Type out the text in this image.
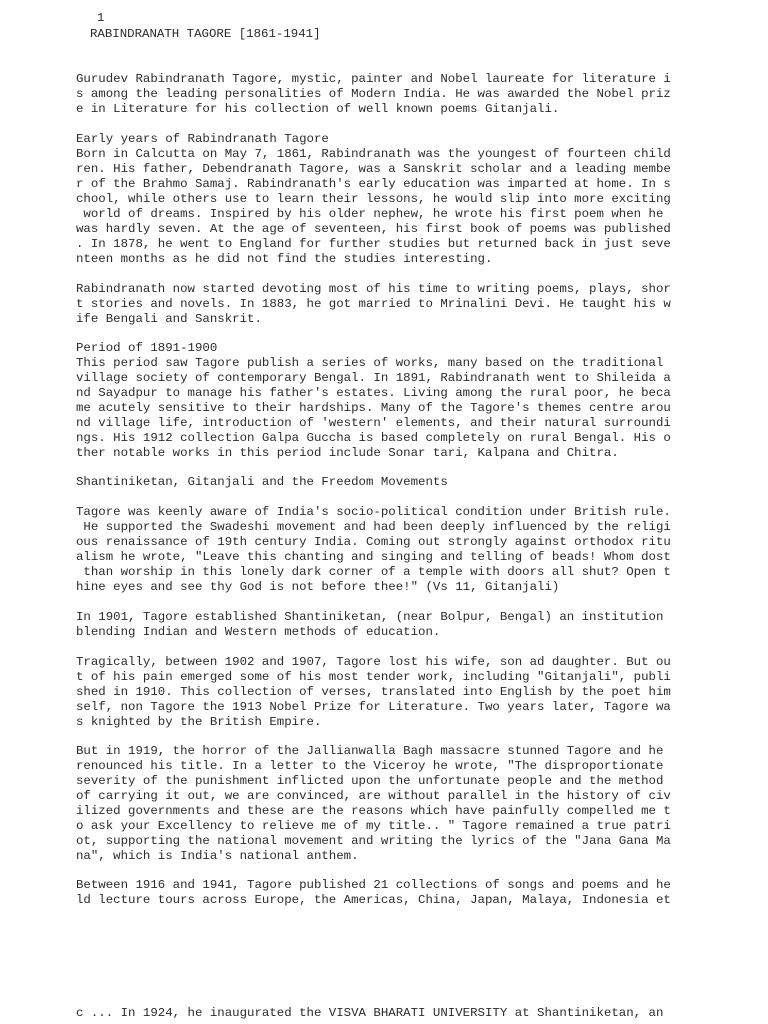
1
RABINDRANATH TAGORE [1861-1941]
Gurudev Rabindranath Tagore, mystic, painter and Nobel laureate for literature i
s among the leading personalities of Modern India. He was awarded the Nobel priz
e in Literature for his collection of well known poems Gitanjali.
Early years of Rabindranath Tagore
Born in Calcutta on May 7, 1861, Rabindranath was the youngest of fourteen child
ren. His father, Debendranath Tagore, was a Sanskrit scholar and a leading membe
r of the Brahmo Samaj. Rabindranath's early education was imparted at home. In s
chool, while others use to learn their lessons, he would slip into more exciting
world of dreams. Inspired by his older nephew, he wrote his first poem when he
was hardly seven. At the age of seventeen, his first book of poems was published
. In 1878, he went to England for further studies but returned back in just seve
nteen months as he did not find the studies interesting.
Rabindranath now started devoting most of his time to writing poems, plays, shor
t stories and novels. In 1883, he got married to Mrinalini Devi. He taught his w
ife Bengali and Sanskrit.
Period of 1891-1900
This period saw Tagore publish a series of works, many based on the traditional
village society of contemporary Bengal. In 1891, Rabindranath went to Shileida a
nd Sayadpur to manage his father's estates. Living among the rural poor, he beca
me acutely sensitive to their hardships. Many of the Tagore's themes centre arou
nd village life, introduction of 'western' elements, and their natural surroundi
ngs. His 1912 collection Galpa Guccha is based completely on rural Bengal. His o
ther notable works in this period include Sonar tari, Kalpana and Chitra.
Shantiniketan, Gitanjali and the Freedom Movements
Tagore was keenly aware of India's socio-political condition under British rule.
He supported the Swadeshi movement and had been deeply influenced by the religi
ous renaissance of 19th century India. Coming out strongly against orthodox ritu
alism he wrote, "Leave this chanting and singing and telling of beads! Whom dost
than worship in this lonely dark corner of a temple with doors all shut? Open t
hine eyes and see thy God is not before thee!" (Vs 11, Gitanjali)
In 1901, Tagore established Shantiniketan, (near Bolpur, Bengal) an institution
blending Indian and Western methods of education.
Tragically, between 1902 and 1907, Tagore lost his wife, son ad daughter. But ou
t of his pain emerged some of his most tender work, including "Gitanjali", publi
shed in 1910. This collection of verses, translated into English by the poet him
self, non Tagore the 1913 Nobel Prize for Literature. Two years later, Tagore wa
s knighted by the British Empire.
But in 1919, the horror of the Jallianwalla Bagh massacre stunned Tagore and he
renounced his title. In a letter to the Viceroy he wrote, "The disproportionate
severity of the punishment inflicted upon the unfortunate people and the method
of carrying it out, we are convinced, are without parallel in the history of civ
ilized governments and these are the reasons which have painfully compelled me t
o ask your Excellency to relieve me of my title.. " Tagore remained a true patri
ot, supporting the national movement and writing the lyrics of the "Jana Gana Ma
na", which is India's national anthem.
Between 1916 and 1941, Tagore published 21 collections of songs and poems and he
ld lecture tours across Europe, the Americas, China, Japan, Malaya, Indonesia et
c ... In 1924, he inaugurated the VISVA BHARATI UNIVERSITY at Shantiniketan, an
